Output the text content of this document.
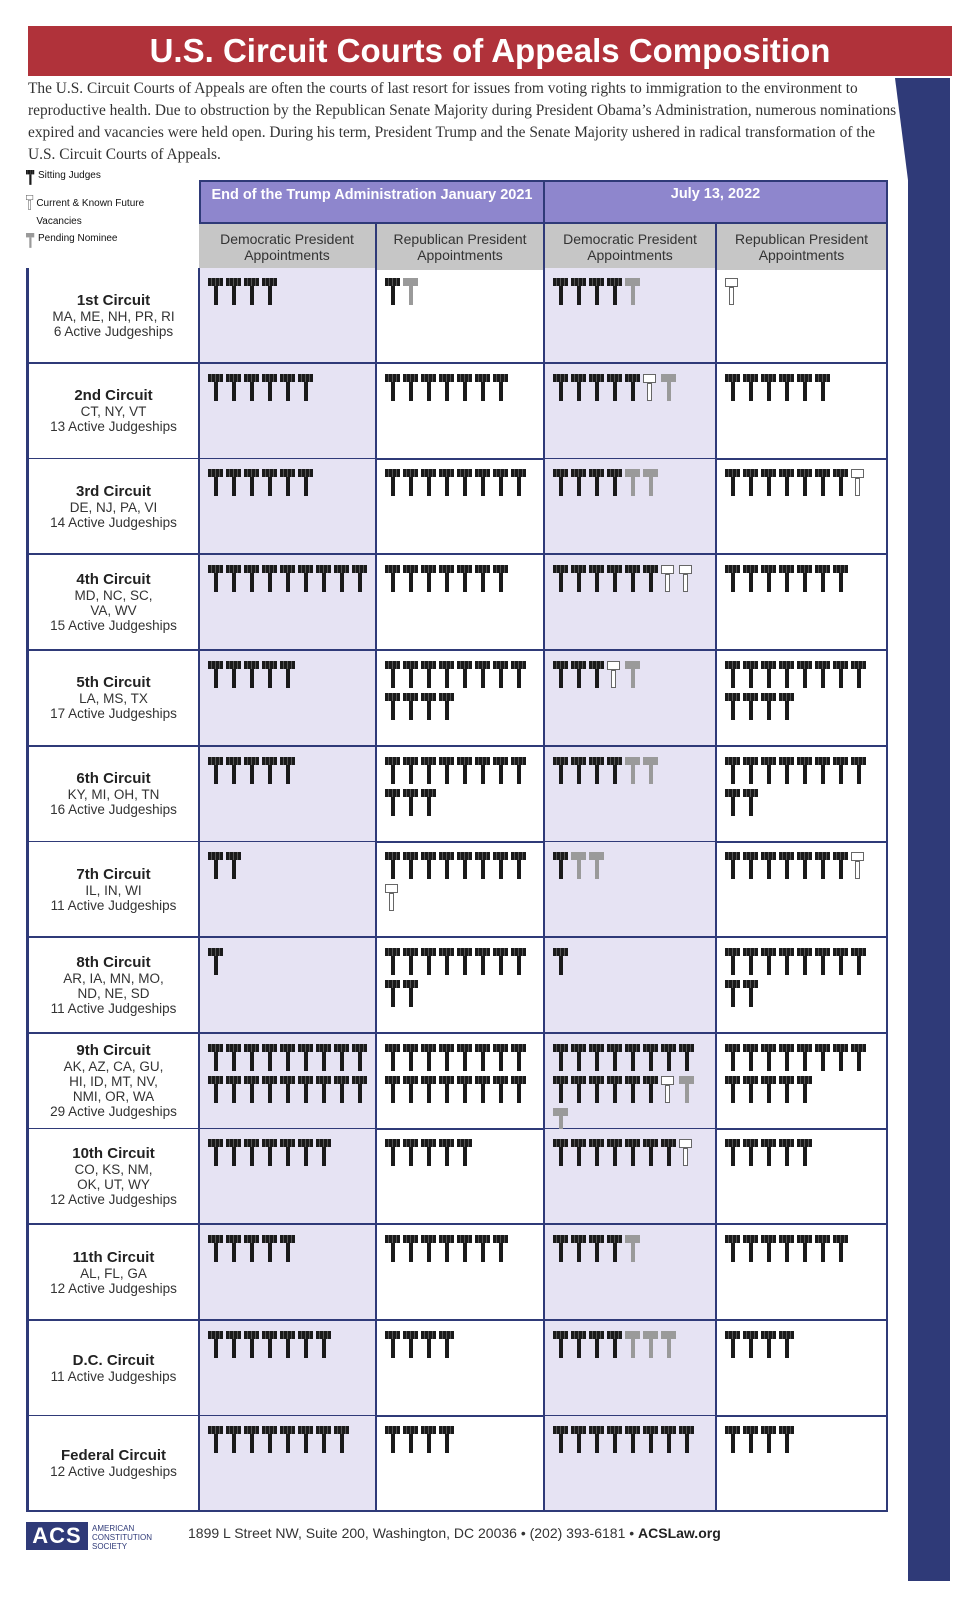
U.S. Circuit Courts of Appeals Composition
The U.S. Circuit Courts of Appeals are often the courts of last resort for issues from voting rights to immigration to the environment to reproductive health. Due to obstruction by the Republican Senate Majority during President Obama’s Administration, numerous nominations expired and vacancies were held open. During his term, President Trump and the Senate Majority ushered in radical transformation of the U.S. Circuit Courts of Appeals.
Sitting Judges
Current & Known Future Vacancies
Pending Nominee
End of the Trump Administration January 2021	July 13, 2022
Democratic President Appointments
Republican President Appointments
Democratic President Appointments
Republican President Appointments
1st Circuit
MA, ME, NH, PR, RI
6 Active Judgeships
2nd Circuit
CT, NY, VT
13 Active Judgeships
3rd Circuit
DE, NJ, PA, VI
14 Active Judgeships
4th Circuit
MD, NC, SC,
VA, WV
15 Active Judgeships
5th Circuit
LA, MS, TX
17 Active Judgeships
6th Circuit
KY, MI, OH, TN
16 Active Judgeships
7th Circuit
IL, IN, WI
11 Active Judgeships
8th Circuit
AR, IA, MN, MO,
ND, NE, SD
11 Active Judgeships
9th Circuit
AK, AZ, CA, GU,
HI, ID, MT, NV,
NMI, OR, WA
29 Active Judgeships
10th Circuit
CO, KS, NM,
OK, UT, WY
12 Active Judgeships
11th Circuit
AL, FL, GA
12 Active Judgeships
D.C. Circuit
11 Active Judgeships
Federal Circuit
12 Active Judgeships
ACS	AMERICAN CONSTITUTION SOCIETY
1899 L Street NW, Suite 200, Washington, DC 20036 • (202) 393-6181 • ACSLaw.org
